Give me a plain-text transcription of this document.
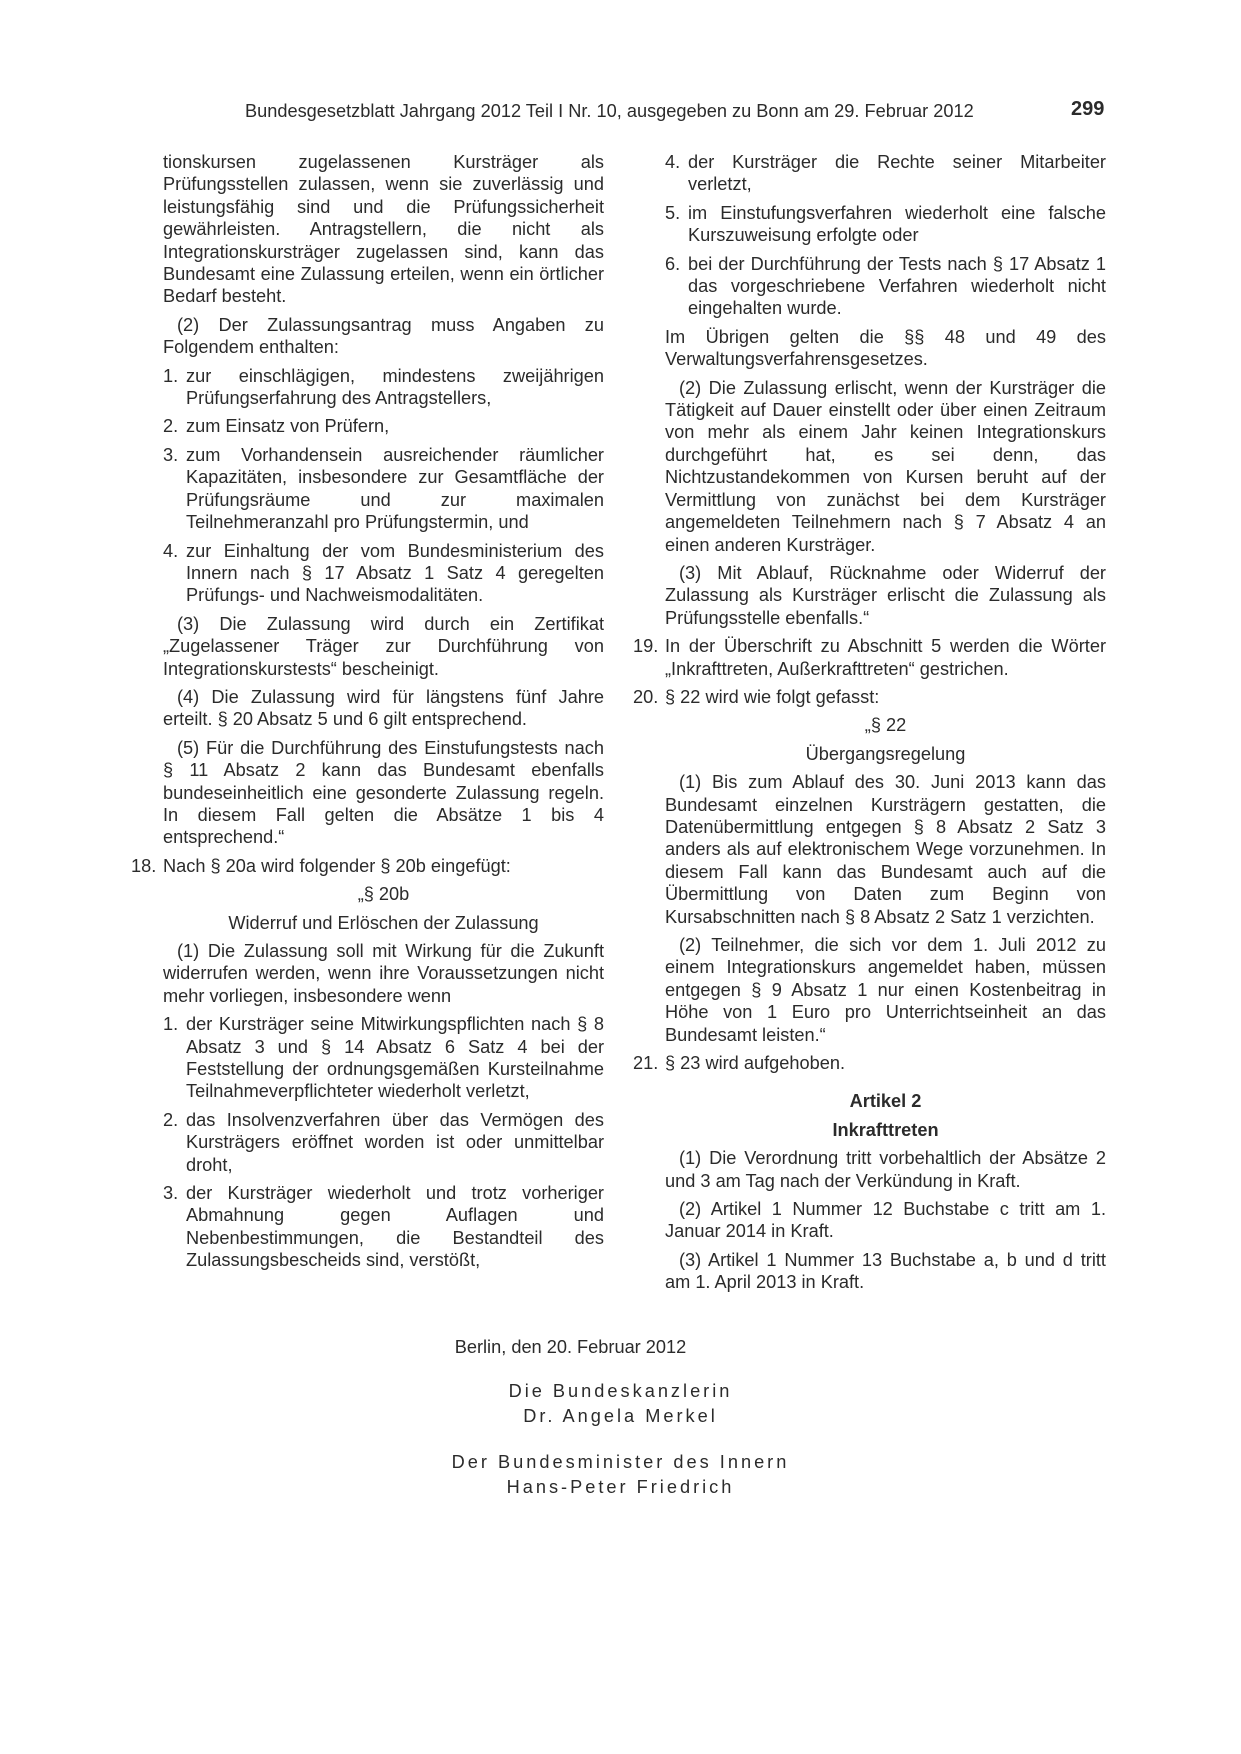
Bundesgesetzblatt Jahrgang 2012 Teil I Nr. 10, ausgegeben zu Bonn am 29. Februar 2012	299

tionskursen zugelassenen Kursträger als Prüfungsstellen zulassen, wenn sie zuverlässig und leistungsfähig sind und die Prüfungssicherheit gewährleisten. Antragstellern, die nicht als Integrationskursträger zugelassen sind, kann das Bundesamt eine Zulassung erteilen, wenn ein örtlicher Bedarf besteht.

(2) Der Zulassungsantrag muss Angaben zu Folgendem enthalten:

1. zur einschlägigen, mindestens zweijährigen Prüfungserfahrung des Antragstellers,
2. zum Einsatz von Prüfern,
3. zum Vorhandensein ausreichender räumlicher Kapazitäten, insbesondere zur Gesamtfläche der Prüfungsräume und zur maximalen Teilnehmeranzahl pro Prüfungstermin, und
4. zur Einhaltung der vom Bundesministerium des Innern nach § 17 Absatz 1 Satz 4 geregelten Prüfungs- und Nachweismodalitäten.

(3) Die Zulassung wird durch ein Zertifikat „Zugelassener Träger zur Durchführung von Integrationskurstests“ bescheinigt.

(4) Die Zulassung wird für längstens fünf Jahre erteilt. § 20 Absatz 5 und 6 gilt entsprechend.

(5) Für die Durchführung des Einstufungstests nach § 11 Absatz 2 kann das Bundesamt ebenfalls bundeseinheitlich eine gesonderte Zulassung regeln. In diesem Fall gelten die Absätze 1 bis 4 entsprechend.“

18. Nach § 20a wird folgender § 20b eingefügt:

„§ 20b

Widerruf und Erlöschen der Zulassung

(1) Die Zulassung soll mit Wirkung für die Zukunft widerrufen werden, wenn ihre Voraussetzungen nicht mehr vorliegen, insbesondere wenn

1. der Kursträger seine Mitwirkungspflichten nach § 8 Absatz 3 und § 14 Absatz 6 Satz 4 bei der Feststellung der ordnungsgemäßen Kursteilnahme Teilnahmeverpflichteter wiederholt verletzt,
2. das Insolvenzverfahren über das Vermögen des Kursträgers eröffnet worden ist oder unmittelbar droht,
3. der Kursträger wiederholt und trotz vorheriger Abmahnung gegen Auflagen und Nebenbestimmungen, die Bestandteil des Zulassungsbescheids sind, verstößt,
4. der Kursträger die Rechte seiner Mitarbeiter verletzt,
5. im Einstufungsverfahren wiederholt eine falsche Kurszuweisung erfolgte oder
6. bei der Durchführung der Tests nach § 17 Absatz 1 das vorgeschriebene Verfahren wiederholt nicht eingehalten wurde.

Im Übrigen gelten die §§ 48 und 49 des Verwaltungsverfahrensgesetzes.

(2) Die Zulassung erlischt, wenn der Kursträger die Tätigkeit auf Dauer einstellt oder über einen Zeitraum von mehr als einem Jahr keinen Integrationskurs durchgeführt hat, es sei denn, das Nichtzustandekommen von Kursen beruht auf der Vermittlung von zunächst bei dem Kursträger angemeldeten Teilnehmern nach § 7 Absatz 4 an einen anderen Kursträger.

(3) Mit Ablauf, Rücknahme oder Widerruf der Zulassung als Kursträger erlischt die Zulassung als Prüfungsstelle ebenfalls.“

19. In der Überschrift zu Abschnitt 5 werden die Wörter „Inkrafttreten, Außerkrafttreten“ gestrichen.
20. § 22 wird wie folgt gefasst:

„§ 22

Übergangsregelung

(1) Bis zum Ablauf des 30. Juni 2013 kann das Bundesamt einzelnen Kursträgern gestatten, die Datenübermittlung entgegen § 8 Absatz 2 Satz 3 anders als auf elektronischem Wege vorzunehmen. In diesem Fall kann das Bundesamt auch auf die Übermittlung von Daten zum Beginn von Kursabschnitten nach § 8 Absatz 2 Satz 1 verzichten.

(2) Teilnehmer, die sich vor dem 1. Juli 2012 zu einem Integrationskurs angemeldet haben, müssen entgegen § 9 Absatz 1 nur einen Kostenbeitrag in Höhe von 1 Euro pro Unterrichtseinheit an das Bundesamt leisten.“

21. § 23 wird aufgehoben.

Artikel 2

Inkrafttreten

(1) Die Verordnung tritt vorbehaltlich der Absätze 2 und 3 am Tag nach der Verkündung in Kraft.

(2) Artikel 1 Nummer 12 Buchstabe c tritt am 1. Januar 2014 in Kraft.

(3) Artikel 1 Nummer 13 Buchstabe a, b und d tritt am 1. April 2013 in Kraft.

Berlin, den 20. Februar 2012
Die Bundeskanzlerin
Dr. Angela Merkel
Der Bundesminister des Innern
Hans-Peter Friedrich
